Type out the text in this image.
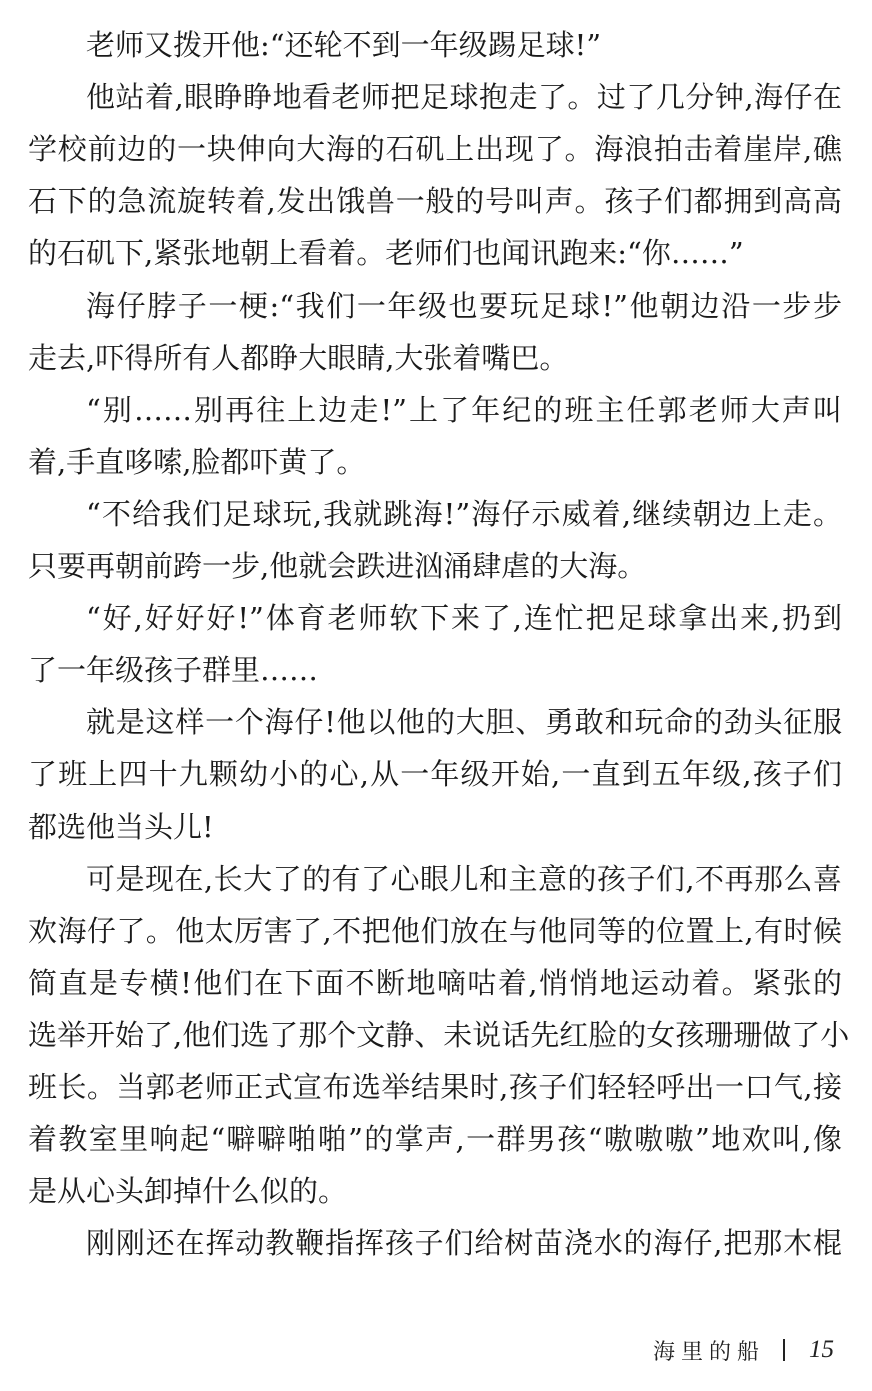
老师又拨开他:“还轮不到一年级踢足球!”
他站着,眼睁睁地看老师把足球抱走了。过了几分钟,海仔在
学校前边的一块伸向大海的石矶上出现了。海浪拍击着崖岸,礁
石下的急流旋转着,发出饿兽一般的号叫声。孩子们都拥到高高
的石矶下,紧张地朝上看着。老师们也闻讯跑来:“你……”
海仔脖子一梗:“我们一年级也要玩足球!”他朝边沿一步步
走去,吓得所有人都睁大眼睛,大张着嘴巴。
“别……别再往上边走!”上了年纪的班主任郭老师大声叫
着,手直哆嗦,脸都吓黄了。
“不给我们足球玩,我就跳海!”海仔示威着,继续朝边上走。
只要再朝前跨一步,他就会跌进汹涌肆虐的大海。
“好,好好好!”体育老师软下来了,连忙把足球拿出来,扔到
了一年级孩子群里……
就是这样一个海仔!他以他的大胆、勇敢和玩命的劲头征服
了班上四十九颗幼小的心,从一年级开始,一直到五年级,孩子们
都选他当头儿!
可是现在,长大了的有了心眼儿和主意的孩子们,不再那么喜
欢海仔了。他太厉害了,不把他们放在与他同等的位置上,有时候
简直是专横!他们在下面不断地嘀咕着,悄悄地运动着。紧张的
选举开始了,他们选了那个文静、未说话先红脸的女孩珊珊做了小
班长。当郭老师正式宣布选举结果时,孩子们轻轻呼出一口气,接
着教室里响起“噼噼啪啪”的掌声,一群男孩“嗷嗷嗷”地欢叫,像
是从心头卸掉什么似的。
刚刚还在挥动教鞭指挥孩子们给树苗浇水的海仔,把那木棍
海里的船 15
